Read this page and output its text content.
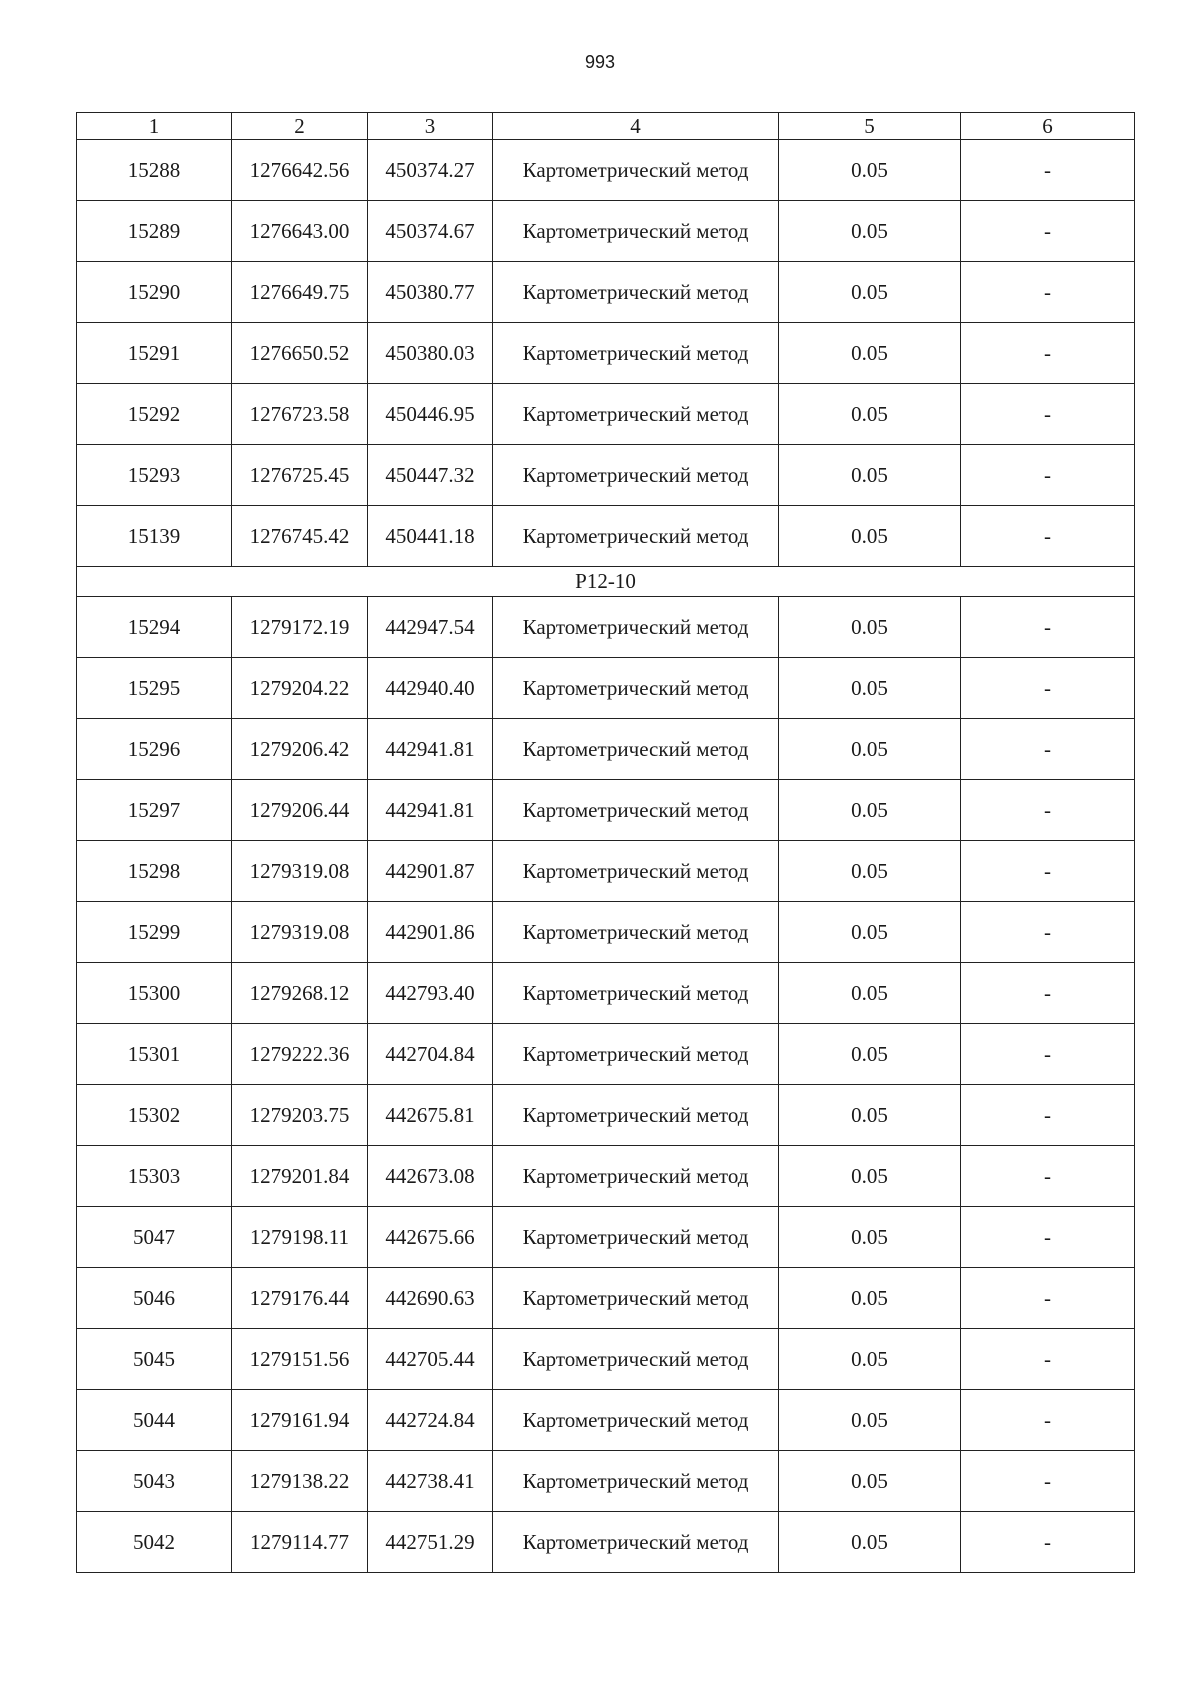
993
1	2	3	4	5	6
15288	1276642.56	450374.27	Картометрический метод	0.05	-
15289	1276643.00	450374.67	Картометрический метод	0.05	-
15290	1276649.75	450380.77	Картометрический метод	0.05	-
15291	1276650.52	450380.03	Картометрический метод	0.05	-
15292	1276723.58	450446.95	Картометрический метод	0.05	-
15293	1276725.45	450447.32	Картометрический метод	0.05	-
15139	1276745.42	450441.18	Картометрический метод	0.05	-
P12-10					
15294	1279172.19	442947.54	Картометрический метод	0.05	-
15295	1279204.22	442940.40	Картометрический метод	0.05	-
15296	1279206.42	442941.81	Картометрический метод	0.05	-
15297	1279206.44	442941.81	Картометрический метод	0.05	-
15298	1279319.08	442901.87	Картометрический метод	0.05	-
15299	1279319.08	442901.86	Картометрический метод	0.05	-
15300	1279268.12	442793.40	Картометрический метод	0.05	-
15301	1279222.36	442704.84	Картометрический метод	0.05	-
15302	1279203.75	442675.81	Картометрический метод	0.05	-
15303	1279201.84	442673.08	Картометрический метод	0.05	-
5047	1279198.11	442675.66	Картометрический метод	0.05	-
5046	1279176.44	442690.63	Картометрический метод	0.05	-
5045	1279151.56	442705.44	Картометрический метод	0.05	-
5044	1279161.94	442724.84	Картометрический метод	0.05	-
5043	1279138.22	442738.41	Картометрический метод	0.05	-
5042	1279114.77	442751.29	Картометрический метод	0.05	-
